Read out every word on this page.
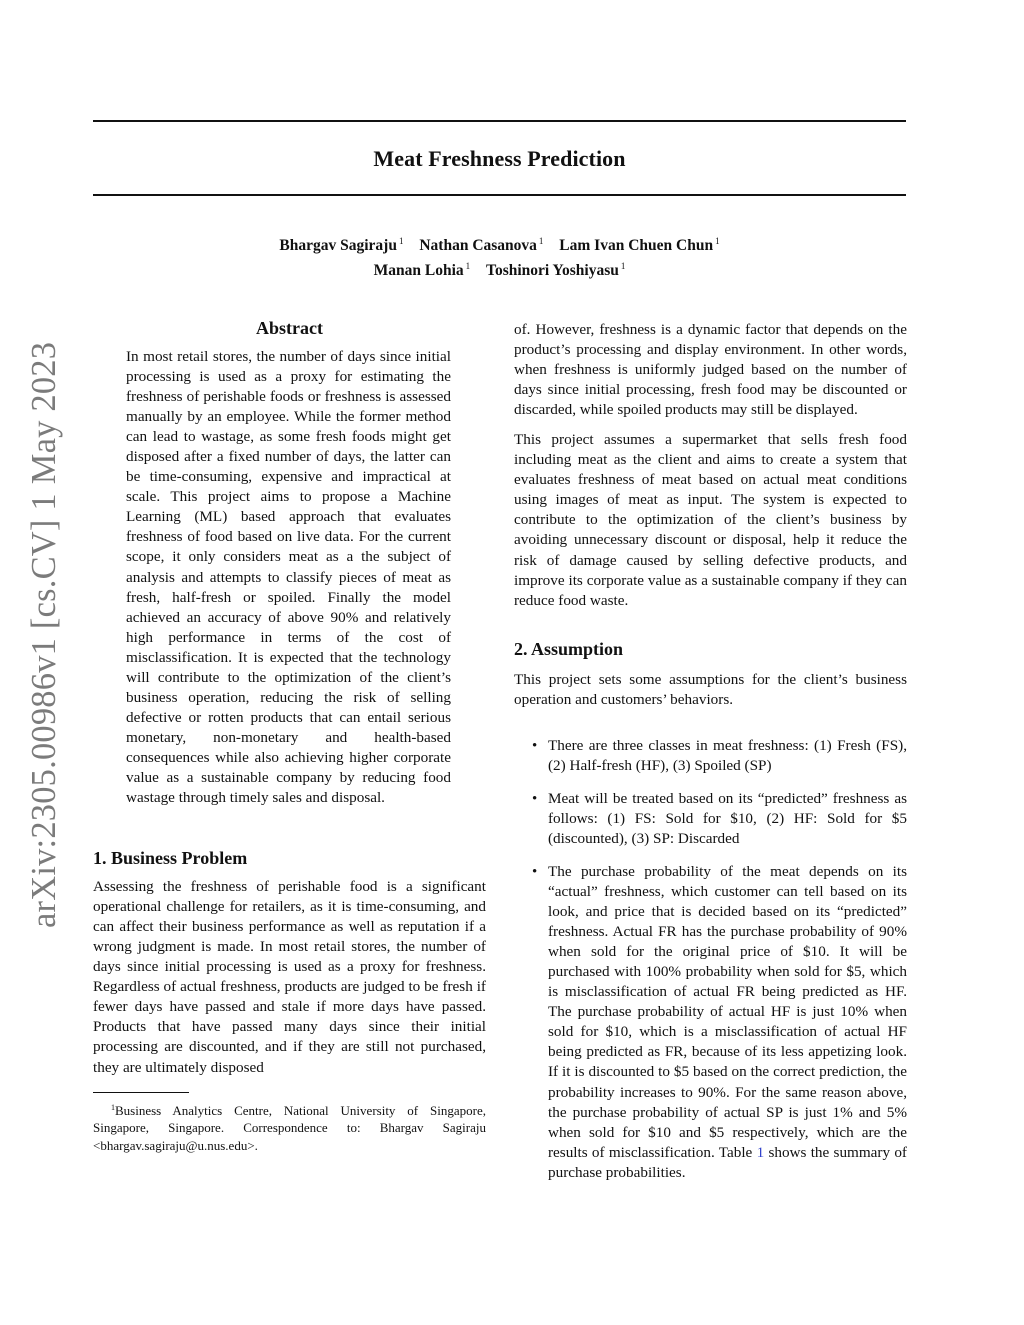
arXiv:2305.00986v1 [cs.CV] 1 May 2023
Meat Freshness Prediction
Bhargav Sagiraju $^1$ Nathan Casanova $^1$ Lam Ivan Chuen Chun $^1$
Manan Lohia $^1$ Toshinori Yoshiyasu $^1$
Abstract

In most retail stores, the number of days since initial processing is used as a proxy for estimating the freshness of perishable foods or freshness is assessed manually by an employee. While the former method can lead to wastage, as some fresh foods might get disposed after a fixed number of days, the latter can be time-consuming, expensive and impractical at scale. This project aims to propose a Machine Learning (ML) based approach that evaluates freshness of food based on live data. For the current scope, it only considers meat as a the subject of analysis and attempts to classify pieces of meat as fresh, half-fresh or spoiled. Finally the model achieved an accuracy of above 90% and relatively high performance in terms of the cost of misclassification. It is expected that the technology will contribute to the optimization of the client’s business operation, reducing the risk of selling defective or rotten products that can entail serious monetary, non-monetary and health-based consequences while also achieving higher corporate value as a sustainable company by reducing food wastage through timely sales and disposal.

1. Business Problem

Assessing the freshness of perishable food is a significant operational challenge for retailers, as it is time-consuming, and can affect their business performance as well as reputation if a wrong judgment is made. In most retail stores, the number of days since initial processing is used as a proxy for freshness. Regardless of actual freshness, products are judged to be fresh if fewer days have passed and stale if more days have passed. Products that have passed many days since their initial processing are discounted, and if they are still not purchased, they are ultimately disposed

$^1$Business Analytics Centre, National University of Singapore, Singapore, Singapore. Correspondence to: Bhargav Sagiraju <bhargav.sagiraju@u.nus.edu>.

of. However, freshness is a dynamic factor that depends on the product’s processing and display environment. In other words, when freshness is uniformly judged based on the number of days since initial processing, fresh food may be discounted or discarded, while spoiled products may still be displayed.

This project assumes a supermarket that sells fresh food including meat as the client and aims to create a system that evaluates freshness of meat based on actual meat conditions using images of meat as input. The system is expected to contribute to the optimization of the client’s business by avoiding unnecessary discount or disposal, help it reduce the risk of damage caused by selling defective products, and improve its corporate value as a sustainable company if they can reduce food waste.

2. Assumption

This project sets some assumptions for the client’s business operation and customers’ behaviors.

• There are three classes in meat freshness: (1) Fresh (FS), (2) Half-fresh (HF), (3) Spoiled (SP)
• Meat will be treated based on its “predicted” freshness as follows: (1) FS: Sold for $10, (2) HF: Sold for $5 (discounted), (3) SP: Discarded
• The purchase probability of the meat depends on its “actual” freshness, which customer can tell based on its look, and price that is decided based on its “predicted” freshness. Actual FR has the purchase probability of 90% when sold for the original price of $10. It will be purchased with 100% probability when sold for $5, which is misclassification of actual FR being predicted as HF. The purchase probability of actual HF is just 10% when sold for $10, which is a misclassification of actual HF being predicted as FR, because of its less appetizing look. If it is discounted to $5 based on the correct prediction, the probability increases to 90%. For the same reason above, the purchase probability of actual SP is just 1% and 5% when sold for $10 and $5 respectively, which are the results of misclassification. Table 1 shows the summary of purchase probabilities.
